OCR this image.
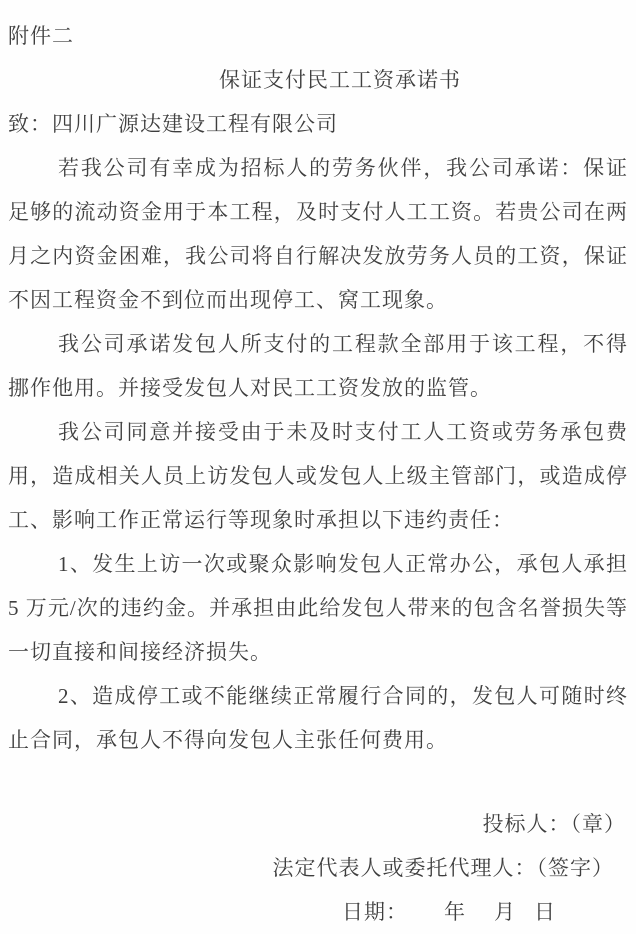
附件二
保证支付民工工资承诺书
致：四川广源达建设工程有限公司

若我公司有幸成为招标人的劳务伙伴，我公司承诺：保证足够的流动资金用于本工程，及时支付人工工资。若贵公司在两月之内资金困难，我公司将自行解决发放劳务人员的工资，保证不因工程资金不到位而出现停工、窝工现象。

我公司承诺发包人所支付的工程款全部用于该工程，不得挪作他用。并接受发包人对民工工资发放的监管。

我公司同意并接受由于未及时支付工人工资或劳务承包费用，造成相关人员上访发包人或发包人上级主管部门，或造成停工、影响工作正常运行等现象时承担以下违约责任：

1、发生上访一次或聚众影响发包人正常办公，承包人承担 5 万元/次的违约金。并承担由此给发包人带来的包含名誉损失等一切直接和间接经济损失。

2、造成停工或不能继续正常履行合同的，发包人可随时终止合同，承包人不得向发包人主张任何费用。

投标人：（章）
法定代表人或委托代理人：（签字）
日期： 年 月 日
